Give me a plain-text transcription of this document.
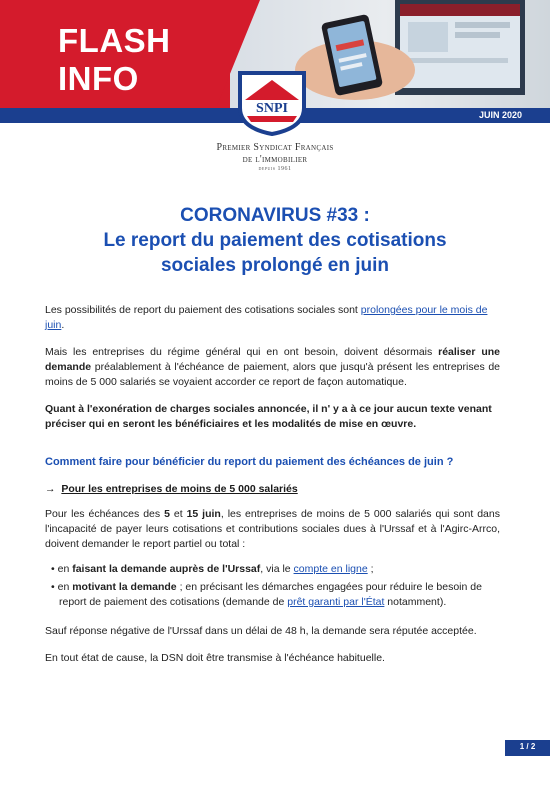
FLASH
INFO
JUIN 2020
SNPI
Premier Syndicat Français
de l'immobilier
depuis 1961
CORONAVIRUS #33 :
Le report du paiement des cotisations
sociales prolongé en juin

Les possibilités de report du paiement des cotisations sociales sont prolongées pour le mois de juin.

Mais les entreprises du régime général qui en ont besoin, doivent désormais réaliser une demande préalablement à l'échéance de paiement, alors que jusqu'à présent les entreprises de moins de 5 000 salariés se voyaient accorder ce report de façon automatique.

Quant à l'exonération de charges sociales annoncée, il n' y a à ce jour aucun texte venant préciser qui en seront les bénéficiaires et les modalités de mise en œuvre.

Comment faire pour bénéficier du report du paiement des échéances de juin ?
→ Pour les entreprises de moins de 5 000 salariés

Pour les échéances des 5 et 15 juin, les entreprises de moins de 5 000 salariés qui sont dans l'incapacité de payer leurs cotisations et contributions sociales dues à l'Urssaf et à l'Agirc-Arrco, doivent demander le report partiel ou total :

• en faisant la demande auprès de l'Urssaf, via le compte en ligne ;

• en motivant la demande ; en précisant les démarches engagées pour réduire le besoin de report de paiement des cotisations (demande de prêt garanti par l'État notamment).

Sauf réponse négative de l'Urssaf dans un délai de 48 h, la demande sera réputée acceptée.

En tout état de cause, la DSN doit être transmise à l'échéance habituelle.

1 / 2
